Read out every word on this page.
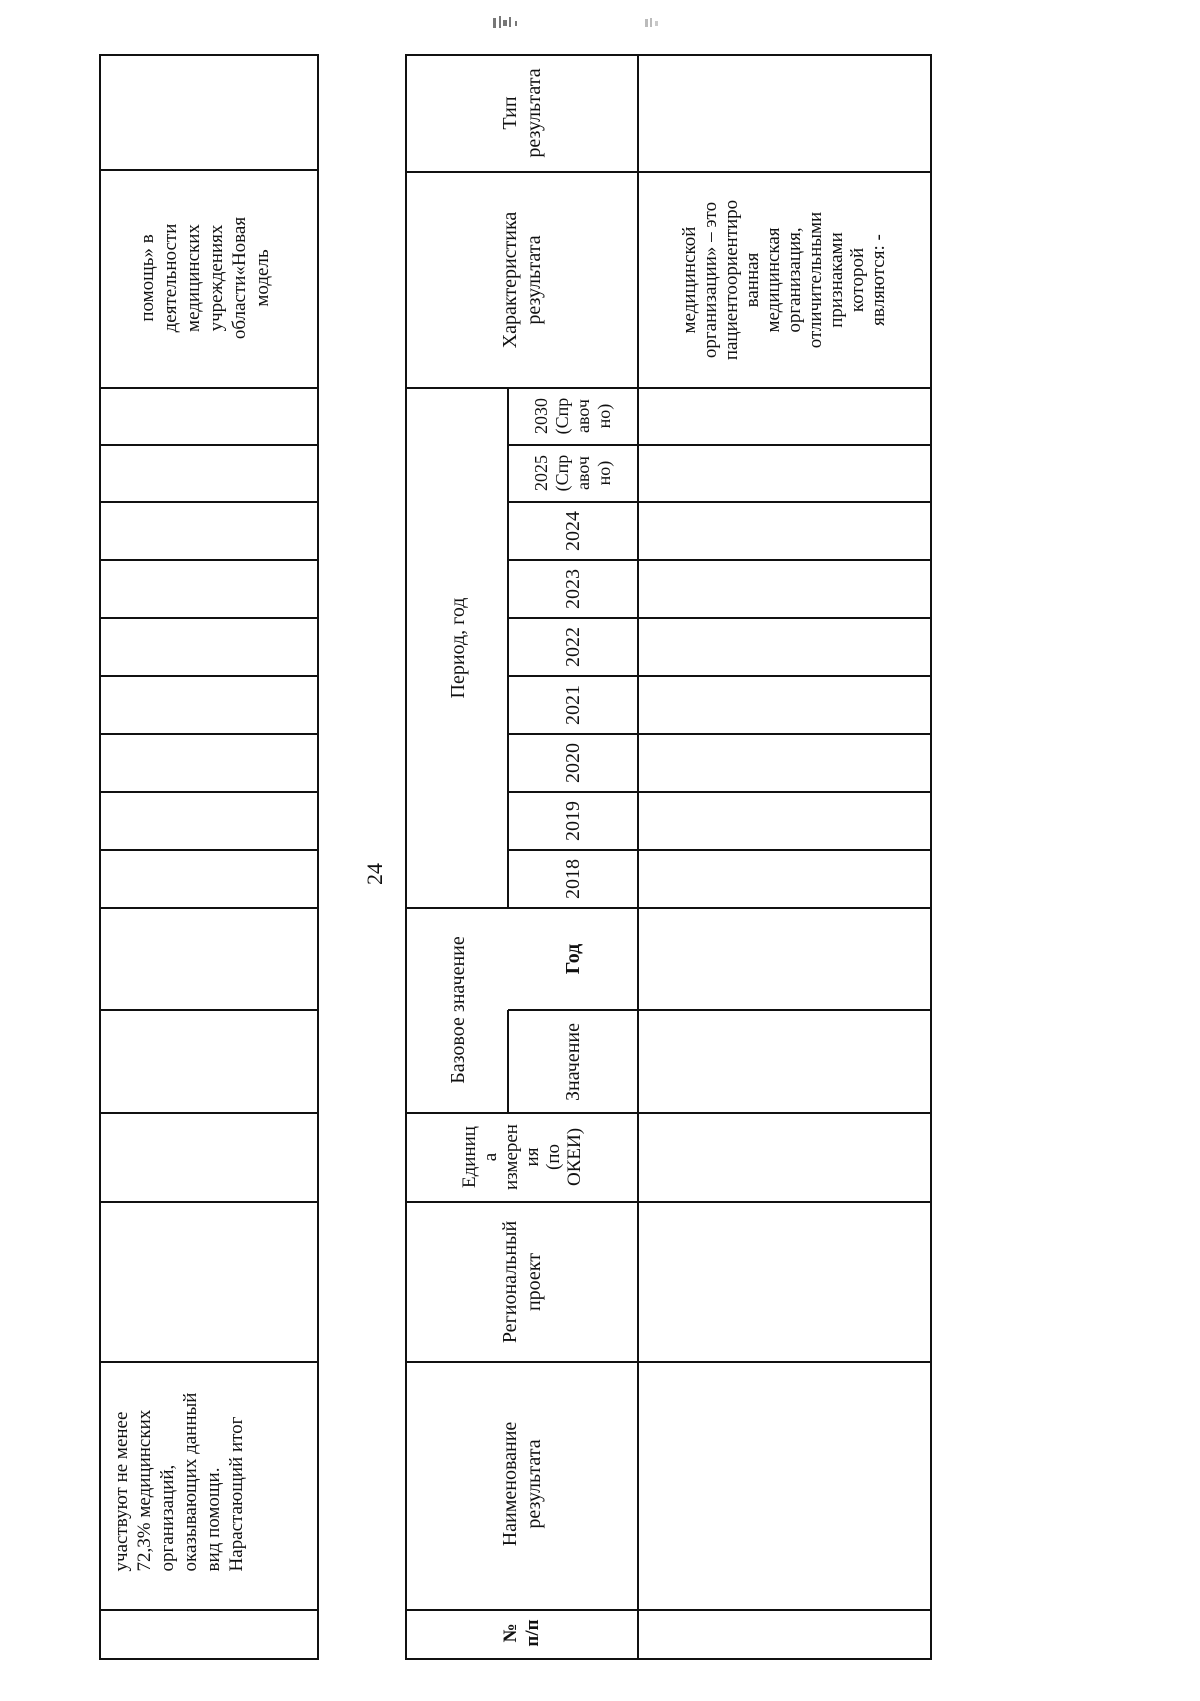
участвуют не менее
72,3% медицинских
организаций,
оказывающих данный
вид помощи.
Нарастающий итог
помощь» в
деятельности
медицинских
учреждениях
области«Новая
модель
24
№
п/п
Наименование
результата
Региональный
проект
Единиц
а
измерен
ия
(по
ОКЕИ)
Базовое значение	Значение
Год
Период, год
2018
2019
2020
2021
2022
2023
2024
2025
(Спр
авоч
но)
2030
(Спр
авоч
но)
Характеристика
результата
Тип
результата
медицинской
организации» – это
пациентоориентиро
ванная
медицинская
организация,
отличительными
признаками
которой
являются: -
